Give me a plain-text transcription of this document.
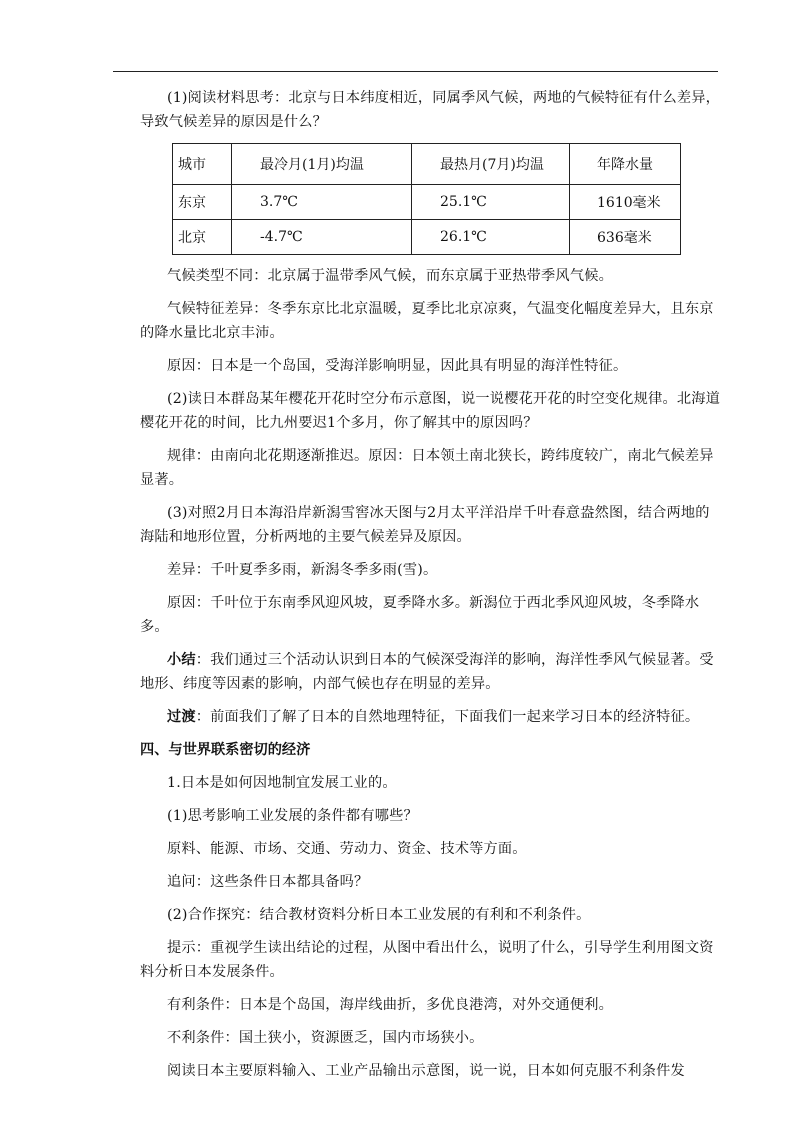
(1)阅读材料思考：北京与日本纬度相近，同属季风气候，两地的气候特征有什么差异，导致气候差异的原因是什么？

城市	最冷月(1月)均温	最热月(7月)均温	年降水量
东京	3.7℃	25.1℃	1610毫米
北京	-4.7℃	26.1℃	636毫米

气候类型不同：北京属于温带季风气候，而东京属于亚热带季风气候。

气候特征差异：冬季东京比北京温暖，夏季比北京凉爽，气温变化幅度差异大，且东京的降水量比北京丰沛。

原因：日本是一个岛国，受海洋影响明显，因此具有明显的海洋性特征。

(2)读日本群岛某年樱花开花时空分布示意图，说一说樱花开花的时空变化规律。北海道樱花开花的时间，比九州要迟1个多月，你了解其中的原因吗？

规律：由南向北花期逐渐推迟。原因：日本领土南北狭长，跨纬度较广，南北气候差异显著。

(3)对照2月日本海沿岸新潟雪窖冰天图与2月太平洋沿岸千叶春意盎然图，结合两地的海陆和地形位置，分析两地的主要气候差异及原因。

差异：千叶夏季多雨，新潟冬季多雨(雪)。

原因：千叶位于东南季风迎风坡，夏季降水多。新潟位于西北季风迎风坡，冬季降水多。

小结：我们通过三个活动认识到日本的气候深受海洋的影响，海洋性季风气候显著。受地形、纬度等因素的影响，内部气候也存在明显的差异。

过渡：前面我们了解了日本的自然地理特征，下面我们一起来学习日本的经济特征。

四、与世界联系密切的经济

1.日本是如何因地制宜发展工业的。

(1)思考影响工业发展的条件都有哪些？

原料、能源、市场、交通、劳动力、资金、技术等方面。

追问：这些条件日本都具备吗？

(2)合作探究：结合教材资料分析日本工业发展的有利和不利条件。

提示：重视学生读出结论的过程，从图中看出什么，说明了什么，引导学生利用图文资料分析日本发展条件。

有利条件：日本是个岛国，海岸线曲折，多优良港湾，对外交通便利。

不利条件：国土狭小，资源匮乏，国内市场狭小。

阅读日本主要原料输入、工业产品输出示意图，说一说，日本如何克服不利条件发
